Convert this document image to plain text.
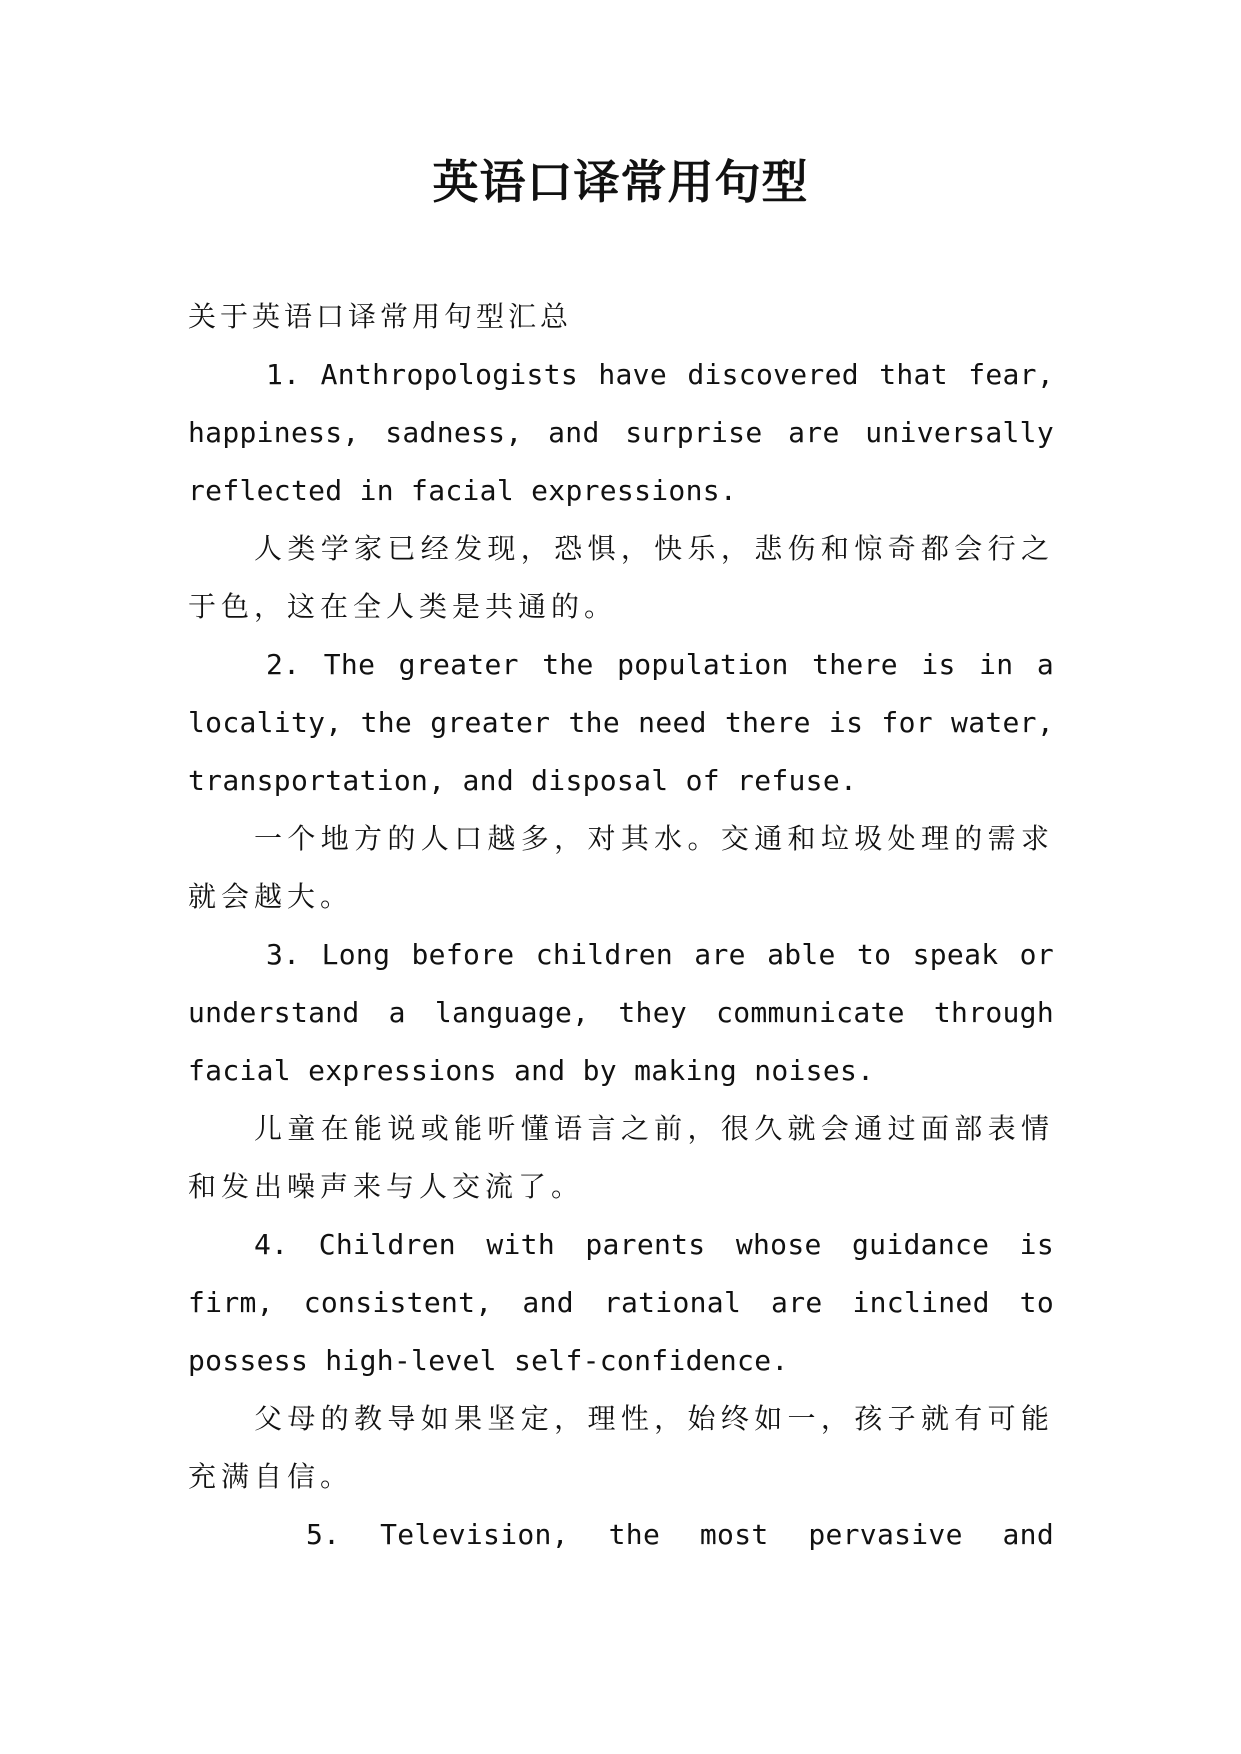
英语口译常用句型

关于英语口译常用句型汇总

1. Anthropologists have discovered that fear, happiness, sadness, and surprise are universally reflected in facial expressions.

人类学家已经发现，恐惧，快乐，悲伤和惊奇都会行之于色，这在全人类是共通的。

2. The greater the population there is in a locality, the greater the need there is for water, transportation, and disposal of refuse.

一个地方的人口越多，对其水。交通和垃圾处理的需求就会越大。

3. Long before children are able to speak or understand a language, they communicate through facial expressions and by making noises.

儿童在能说或能听懂语言之前，很久就会通过面部表情和发出噪声来与人交流了。

4. Children with parents whose guidance is firm, consistent, and rational are inclined to possess high-level self-confidence.

父母的教导如果坚定，理性，始终如一，孩子就有可能充满自信。

5. Television, the most pervasive and
